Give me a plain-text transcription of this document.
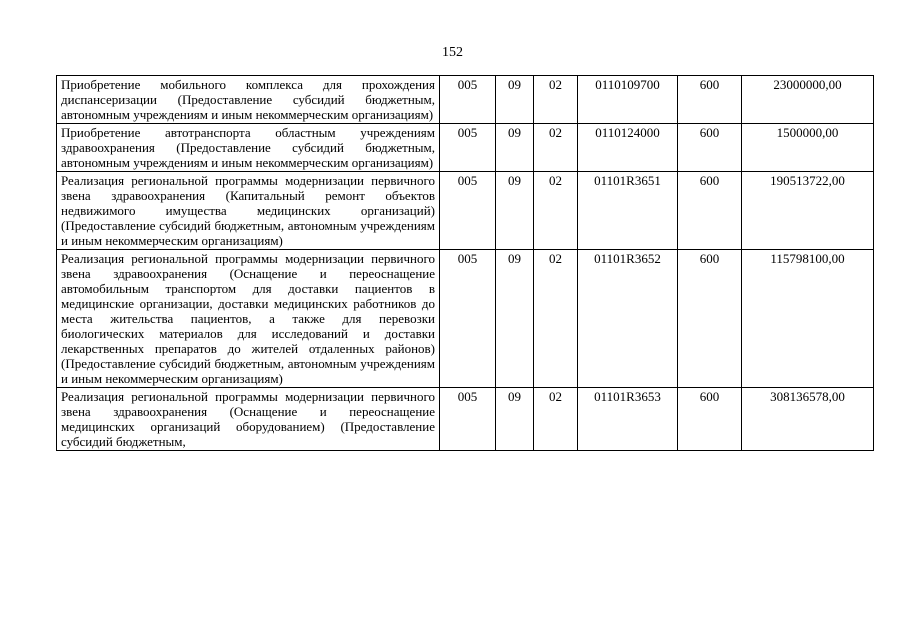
152
Приобретение мобильного комплекса для прохождения диспансеризации (Предоставление субсидий бюджетным, автономным учреждениям и иным некоммерческим организациям)	005	09	02	0110109700	600	23000000,00
Приобретение автотранспорта областным учреждениям здравоохранения (Предоставление субсидий бюджетным, автономным учреждениям и иным некоммерческим организациям)	005	09	02	0110124000	600	1500000,00
Реализация региональной программы модернизации первичного звена здравоохранения (Капитальный ремонт объектов недвижимого имущества медицинских организаций) (Предоставление субсидий бюджетным, автономным учреждениям и иным некоммерческим организациям)	005	09	02	01101R3651	600	190513722,00
Реализация региональной программы модернизации первичного звена здравоохранения (Оснащение и переоснащение автомобильным транспортом для доставки пациентов в медицинские организации, доставки медицинских работников до места жительства пациентов, а также для перевозки биологических материалов для исследований и доставки лекарственных препаратов до жителей отдаленных районов) (Предоставление субсидий бюджетным, автономным учреждениям и иным некоммерческим организациям)	005	09	02	01101R3652	600	115798100,00
Реализация региональной программы модернизации первичного звена здравоохранения (Оснащение и переоснащение медицинских организаций оборудованием) (Предоставление субсидий бюджетным,	005	09	02	01101R3653	600	308136578,00
